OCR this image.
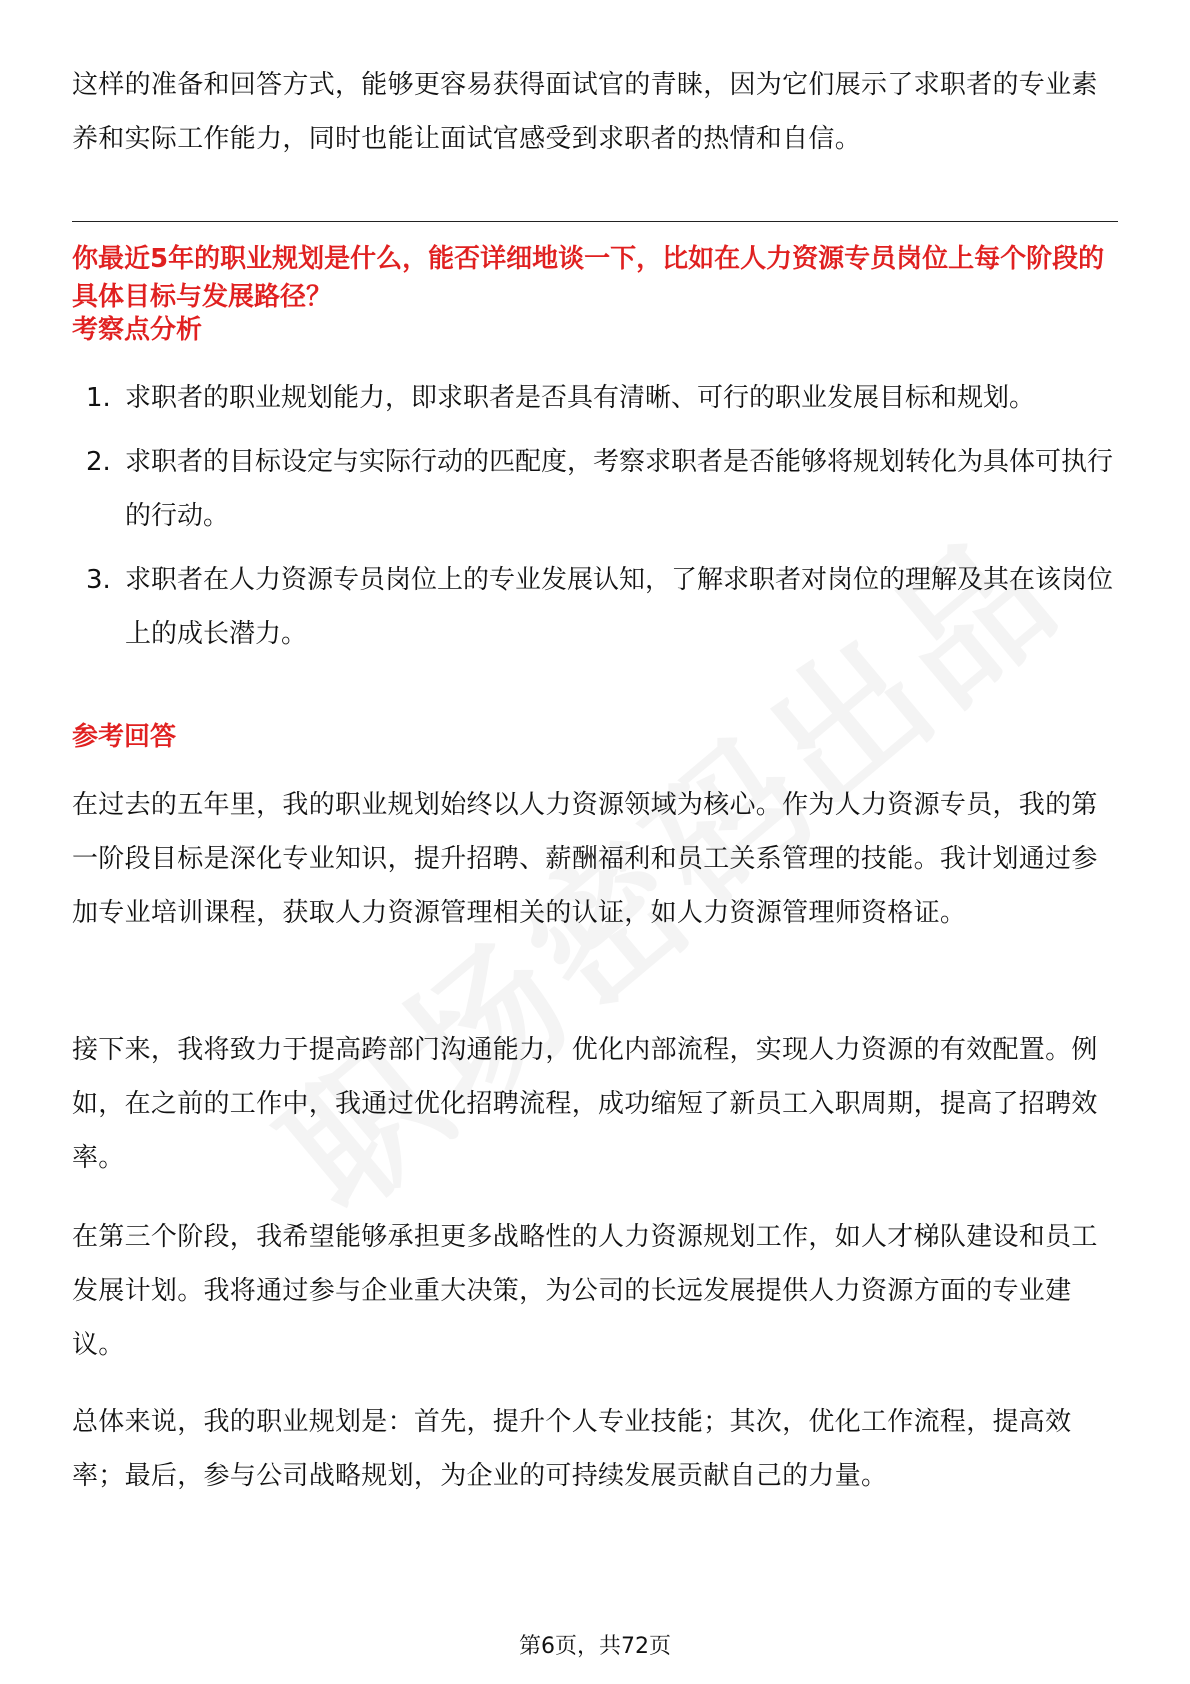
这样的准备和回答方式，能够更容易获得面试官的青睐，因为它们展示了求职者的专业素养和实际工作能力，同时也能让面试官感受到求职者的热情和自信。

你最近5年的职业规划是什么，能否详细地谈一下，比如在人力资源专员岗位上每个阶段的具体目标与发展路径？

考察点分析

1. 求职者的职业规划能力，即求职者是否具有清晰、可行的职业发展目标和规划。
2. 求职者的目标设定与实际行动的匹配度，考察求职者是否能够将规划转化为具体可执行的行动。
3. 求职者在人力资源专员岗位上的专业发展认知，了解求职者对岗位的理解及其在该岗位上的成长潜力。

参考回答

在过去的五年里，我的职业规划始终以人力资源领域为核心。作为人力资源专员，我的第一阶段目标是深化专业知识，提升招聘、薪酬福利和员工关系管理的技能。我计划通过参加专业培训课程，获取人力资源管理相关的认证，如人力资源管理师资格证。

接下来，我将致力于提高跨部门沟通能力，优化内部流程，实现人力资源的有效配置。例如，在之前的工作中，我通过优化招聘流程，成功缩短了新员工入职周期，提高了招聘效率。

在第三个阶段，我希望能够承担更多战略性的人力资源规划工作，如人才梯队建设和员工发展计划。我将通过参与企业重大决策，为公司的长远发展提供人力资源方面的专业建议。

总体来说，我的职业规划是：首先，提升个人专业技能；其次，优化工作流程，提高效率；最后，参与公司战略规划，为企业的可持续发展贡献自己的力量。

第6页，共72页
